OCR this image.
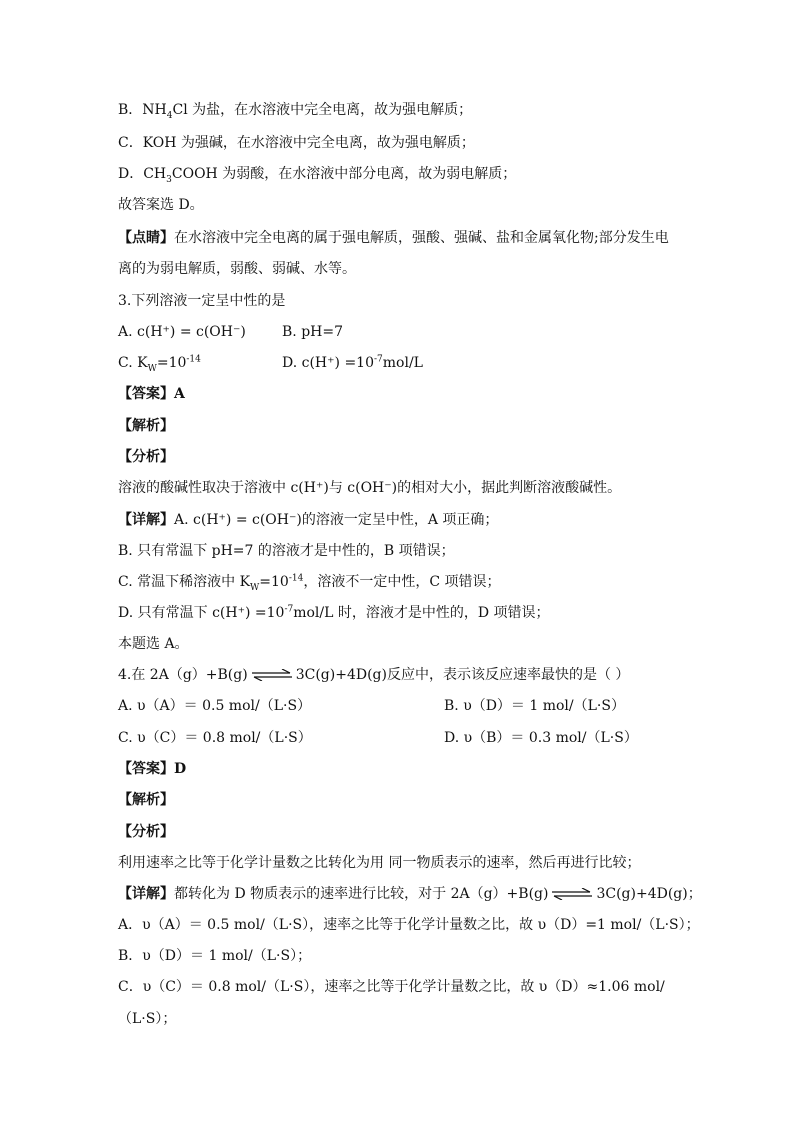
B．$NH_4Cl$ 为盐，在水溶液中完全电离，故为强电解质；
C．KOH 为强碱，在水溶液中完全电离，故为强电解质；
D．$CH_3COOH$ 为弱酸，在水溶液中部分电离，故为弱电解质；
故答案选 D。
【点睛】在水溶液中完全电离的属于强电解质，强酸、强碱、盐和金属氧化物;部分发生电
离的为弱电解质，弱酸、弱碱、水等。
3.下列溶液一定呈中性的是
A. c(H⁺) = c(OH⁻)	B. pH=7
C. $K_W=10^{-14}$	D. $c(H^+) =10^{-7}mol/L$
【答案】A
【解析】
【分析】
溶液的酸碱性取决于溶液中 c(H⁺)与 c(OH⁻)的相对大小，据此判断溶液酸碱性。
【详解】A. c(H⁺) = c(OH⁻)的溶液一定呈中性，A 项正确；
B. 只有常温下 pH=7 的溶液才是中性的，B 项错误；
C. 常温下稀溶液中 $K_W=10^{-14}$，溶液不一定中性，C 项错误；
D. 只有常温下 $c(H^+) =10^{-7}mol/L$ 时，溶液才是中性的，D 项错误；
本题选 A。
4.在 2A（g）+B(g) ⇌ 3C(g)+4D(g)反应中，表示该反应速率最快的是（ ）
A. υ（A）＝ 0.5 mol/（L·S）	B. υ（D）＝ 1 mol/（L·S）
C. υ（C）＝ 0.8 mol/（L·S）	D. υ（B）＝ 0.3 mol/（L·S）
【答案】D
【解析】
【分析】
利用速率之比等于化学计量数之比转化为用 同一物质表示的速率，然后再进行比较；
【详解】都转化为 D 物质表示的速率进行比较，对于 2A（g）+B(g) ⇌ 3C(g)+4D(g)；
A．υ（A）＝ 0.5 mol/（L·S），速率之比等于化学计量数之比，故 υ（D）=1 mol/（L·S）；
B．υ（D）＝ 1 mol/（L·S）；
C．υ（C）＝ 0.8 mol/（L·S），速率之比等于化学计量数之比，故 υ（D）≈1.06 mol/
（L·S）；
